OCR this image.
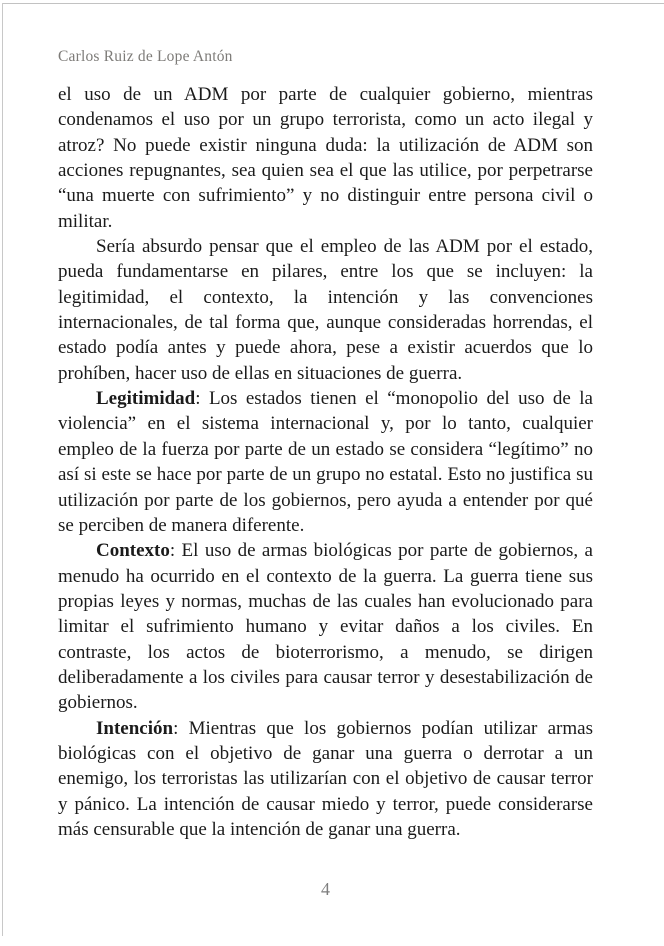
Carlos Ruiz de Lope Antón

el uso de un ADM por parte de cualquier gobierno, mientras condenamos el uso por un grupo terrorista, como un acto ilegal y atroz? No puede existir ninguna duda: la utilización de ADM son acciones repugnantes, sea quien sea el que las utilice, por perpetrarse “una muerte con sufrimiento” y no distinguir entre persona civil o militar.

Sería absurdo pensar que el empleo de las ADM por el estado, pueda fundamentarse en pilares, entre los que se incluyen: la legitimidad, el contexto, la intención y las convenciones internacionales, de tal forma que, aunque consideradas horrendas, el estado podía antes y puede ahora, pese a existir acuerdos que lo prohíben, hacer uso de ellas en situaciones de guerra.

Legitimidad: Los estados tienen el “monopolio del uso de la violencia” en el sistema internacional y, por lo tanto, cualquier empleo de la fuerza por parte de un estado se considera “legítimo” no así si este se hace por parte de un grupo no estatal. Esto no justifica su utilización por parte de los gobiernos, pero ayuda a entender por qué se perciben de manera diferente.

Contexto: El uso de armas biológicas por parte de gobiernos, a menudo ha ocurrido en el contexto de la guerra. La guerra tiene sus propias leyes y normas, muchas de las cuales han evolucionado para limitar el sufrimiento humano y evitar daños a los civiles. En contraste, los actos de bioterrorismo, a menudo, se dirigen deliberadamente a los civiles para causar terror y desestabilización de gobiernos.

Intención: Mientras que los gobiernos podían utilizar armas biológicas con el objetivo de ganar una guerra o derrotar a un enemigo, los terroristas las utilizarían con el objetivo de causar terror y pánico. La intención de causar miedo y terror, puede considerarse más censurable que la intención de ganar una guerra.

4
